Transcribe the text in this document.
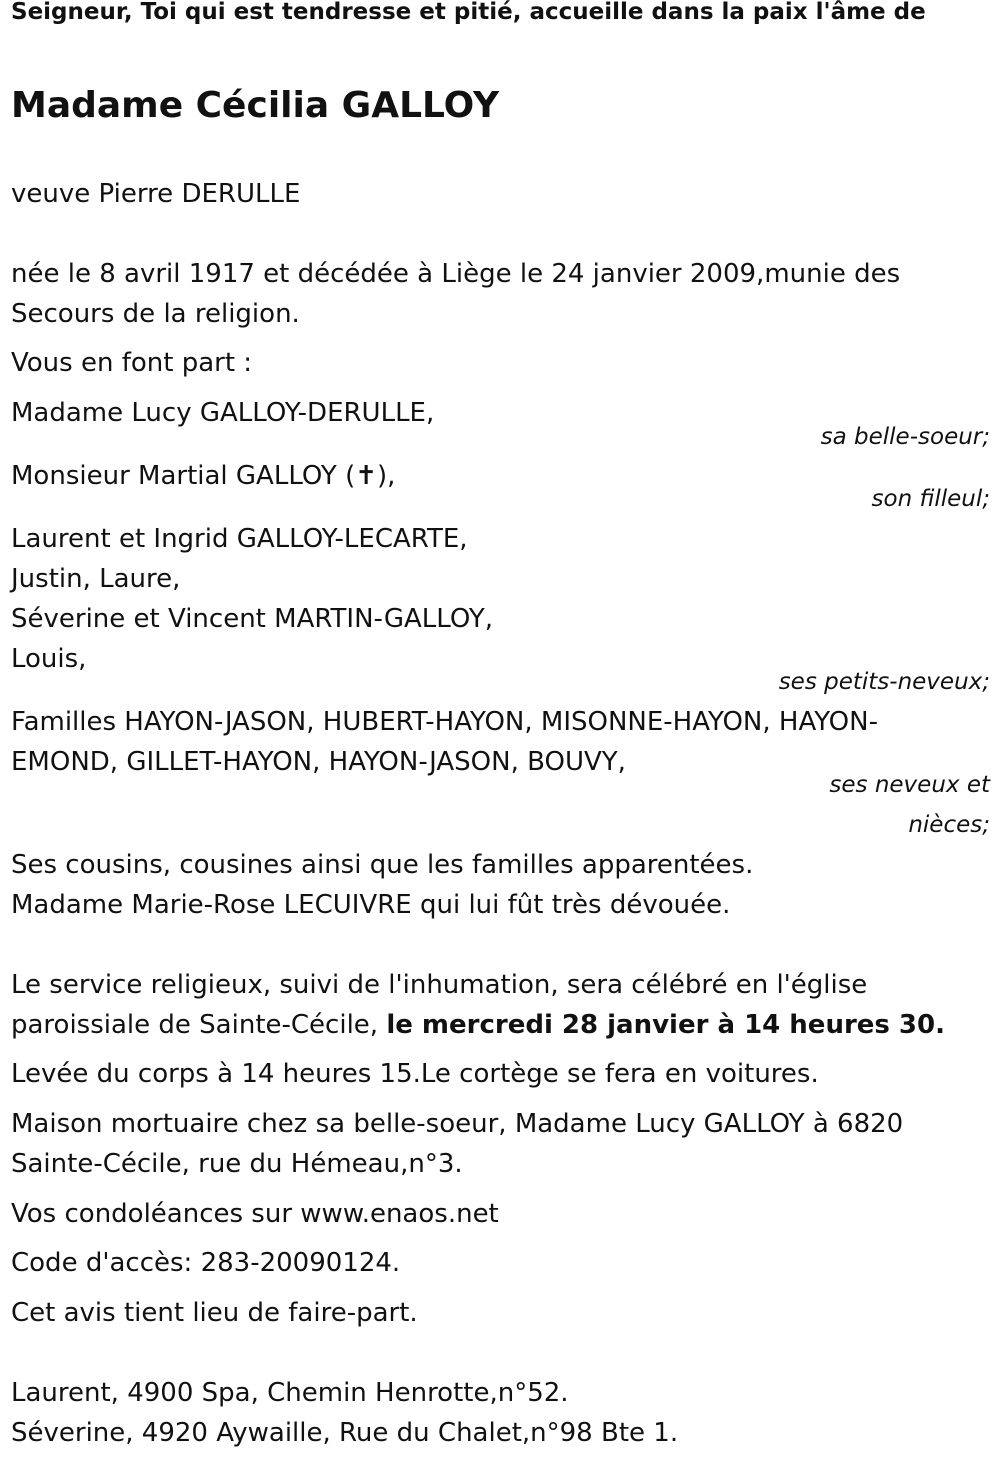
Seigneur, Toi qui est tendresse et pitié, accueille dans la paix l'âme de
Madame Cécilia GALLOY
veuve Pierre DERULLE
née le 8 avril 1917 et décédée à Liège le 24 janvier 2009,munie des
Secours de la religion.
Vous en font part :
Madame Lucy GALLOY-DERULLE,
sa belle-soeur;
Monsieur Martial GALLOY (✝),
son filleul;
Laurent et Ingrid GALLOY-LECARTE,
Justin, Laure,
Séverine et Vincent MARTIN-GALLOY,
Louis,
ses petits-neveux;
Familles HAYON-JASON, HUBERT-HAYON, MISONNE-HAYON, HAYON-
EMOND, GILLET-HAYON, HAYON-JASON, BOUVY,
ses neveux et
nièces;
Ses cousins, cousines ainsi que les familles apparentées.
Madame Marie-Rose LECUIVRE qui lui fût très dévouée.
Le service religieux, suivi de l'inhumation, sera célébré en l'église
paroissiale de Sainte-Cécile, le mercredi 28 janvier à 14 heures 30.
Levée du corps à 14 heures 15.Le cortège se fera en voitures.
Maison mortuaire chez sa belle-soeur, Madame Lucy GALLOY à 6820
Sainte-Cécile, rue du Hémeau,n°3.
Vos condoléances sur www.enaos.net
Code d'accès: 283-20090124.
Cet avis tient lieu de faire-part.
Laurent, 4900 Spa, Chemin Henrotte,n°52.
Séverine, 4920 Aywaille, Rue du Chalet,n°98 Bte 1.
